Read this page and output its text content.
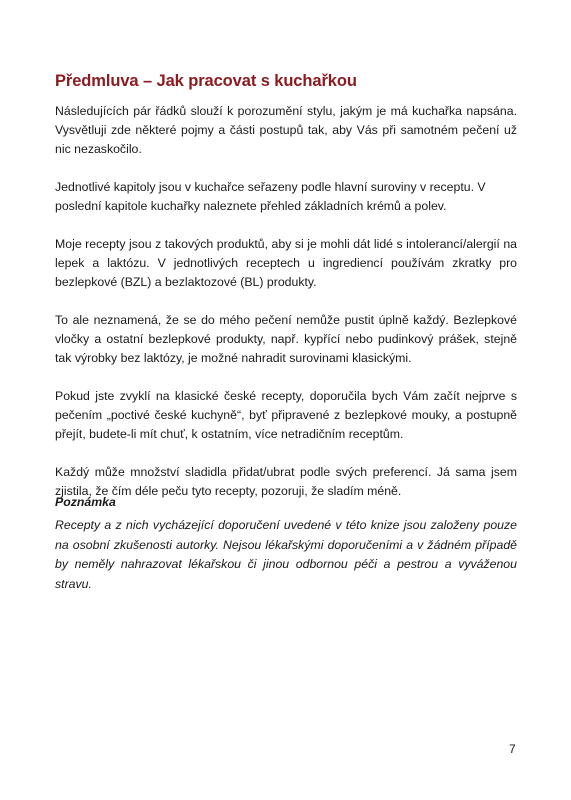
Předmluva – Jak pracovat s kuchařkou

Následujících pár řádků slouží k porozumění stylu, jakým je má kuchařka napsána. Vysvětluji zde některé pojmy a části postupů tak, aby Vás při samotném pečení už nic nezaskočilo.

Jednotlivé kapitoly jsou v kuchařce seřazeny podle hlavní suroviny v receptu. V poslední kapitole kuchařky naleznete přehled základních krémů a polev.

Moje recepty jsou z takových produktů, aby si je mohli dát lidé s intolerancí/alergií na lepek a laktózu. V jednotlivých receptech u ingrediencí používám zkratky pro bezlepkové (BZL) a bezlaktozové (BL) produkty.

To ale neznamená, že se do mého pečení nemůže pustit úplně každý. Bezlepkové vločky a ostatní bezlepkové produkty, např. kypřící nebo pudinkový prášek, stejně tak výrobky bez laktózy, je možné nahradit surovinami klasickými.

Pokud jste zvyklí na klasické české recepty, doporučila bych Vám začít nejprve s pečením „poctivé české kuchyně“, byť připravené z bezlepkové mouky, a postupně přejít, budete-li mít chuť, k ostatním, více netradičním receptům.

Každý může množství sladidla přidat/ubrat podle svých preferencí. Já sama jsem zjistila, že čím déle peču tyto recepty, pozoruji, že sladím méně.

Poznámka

Recepty a z nich vycházející doporučení uvedené v této knize jsou založeny pouze na osobní zkušenosti autorky. Nejsou lékařskými doporučeními a v žádném případě by neměly nahrazovat lékařskou či jinou odbornou péči a pestrou a vyváženou stravu.

7
